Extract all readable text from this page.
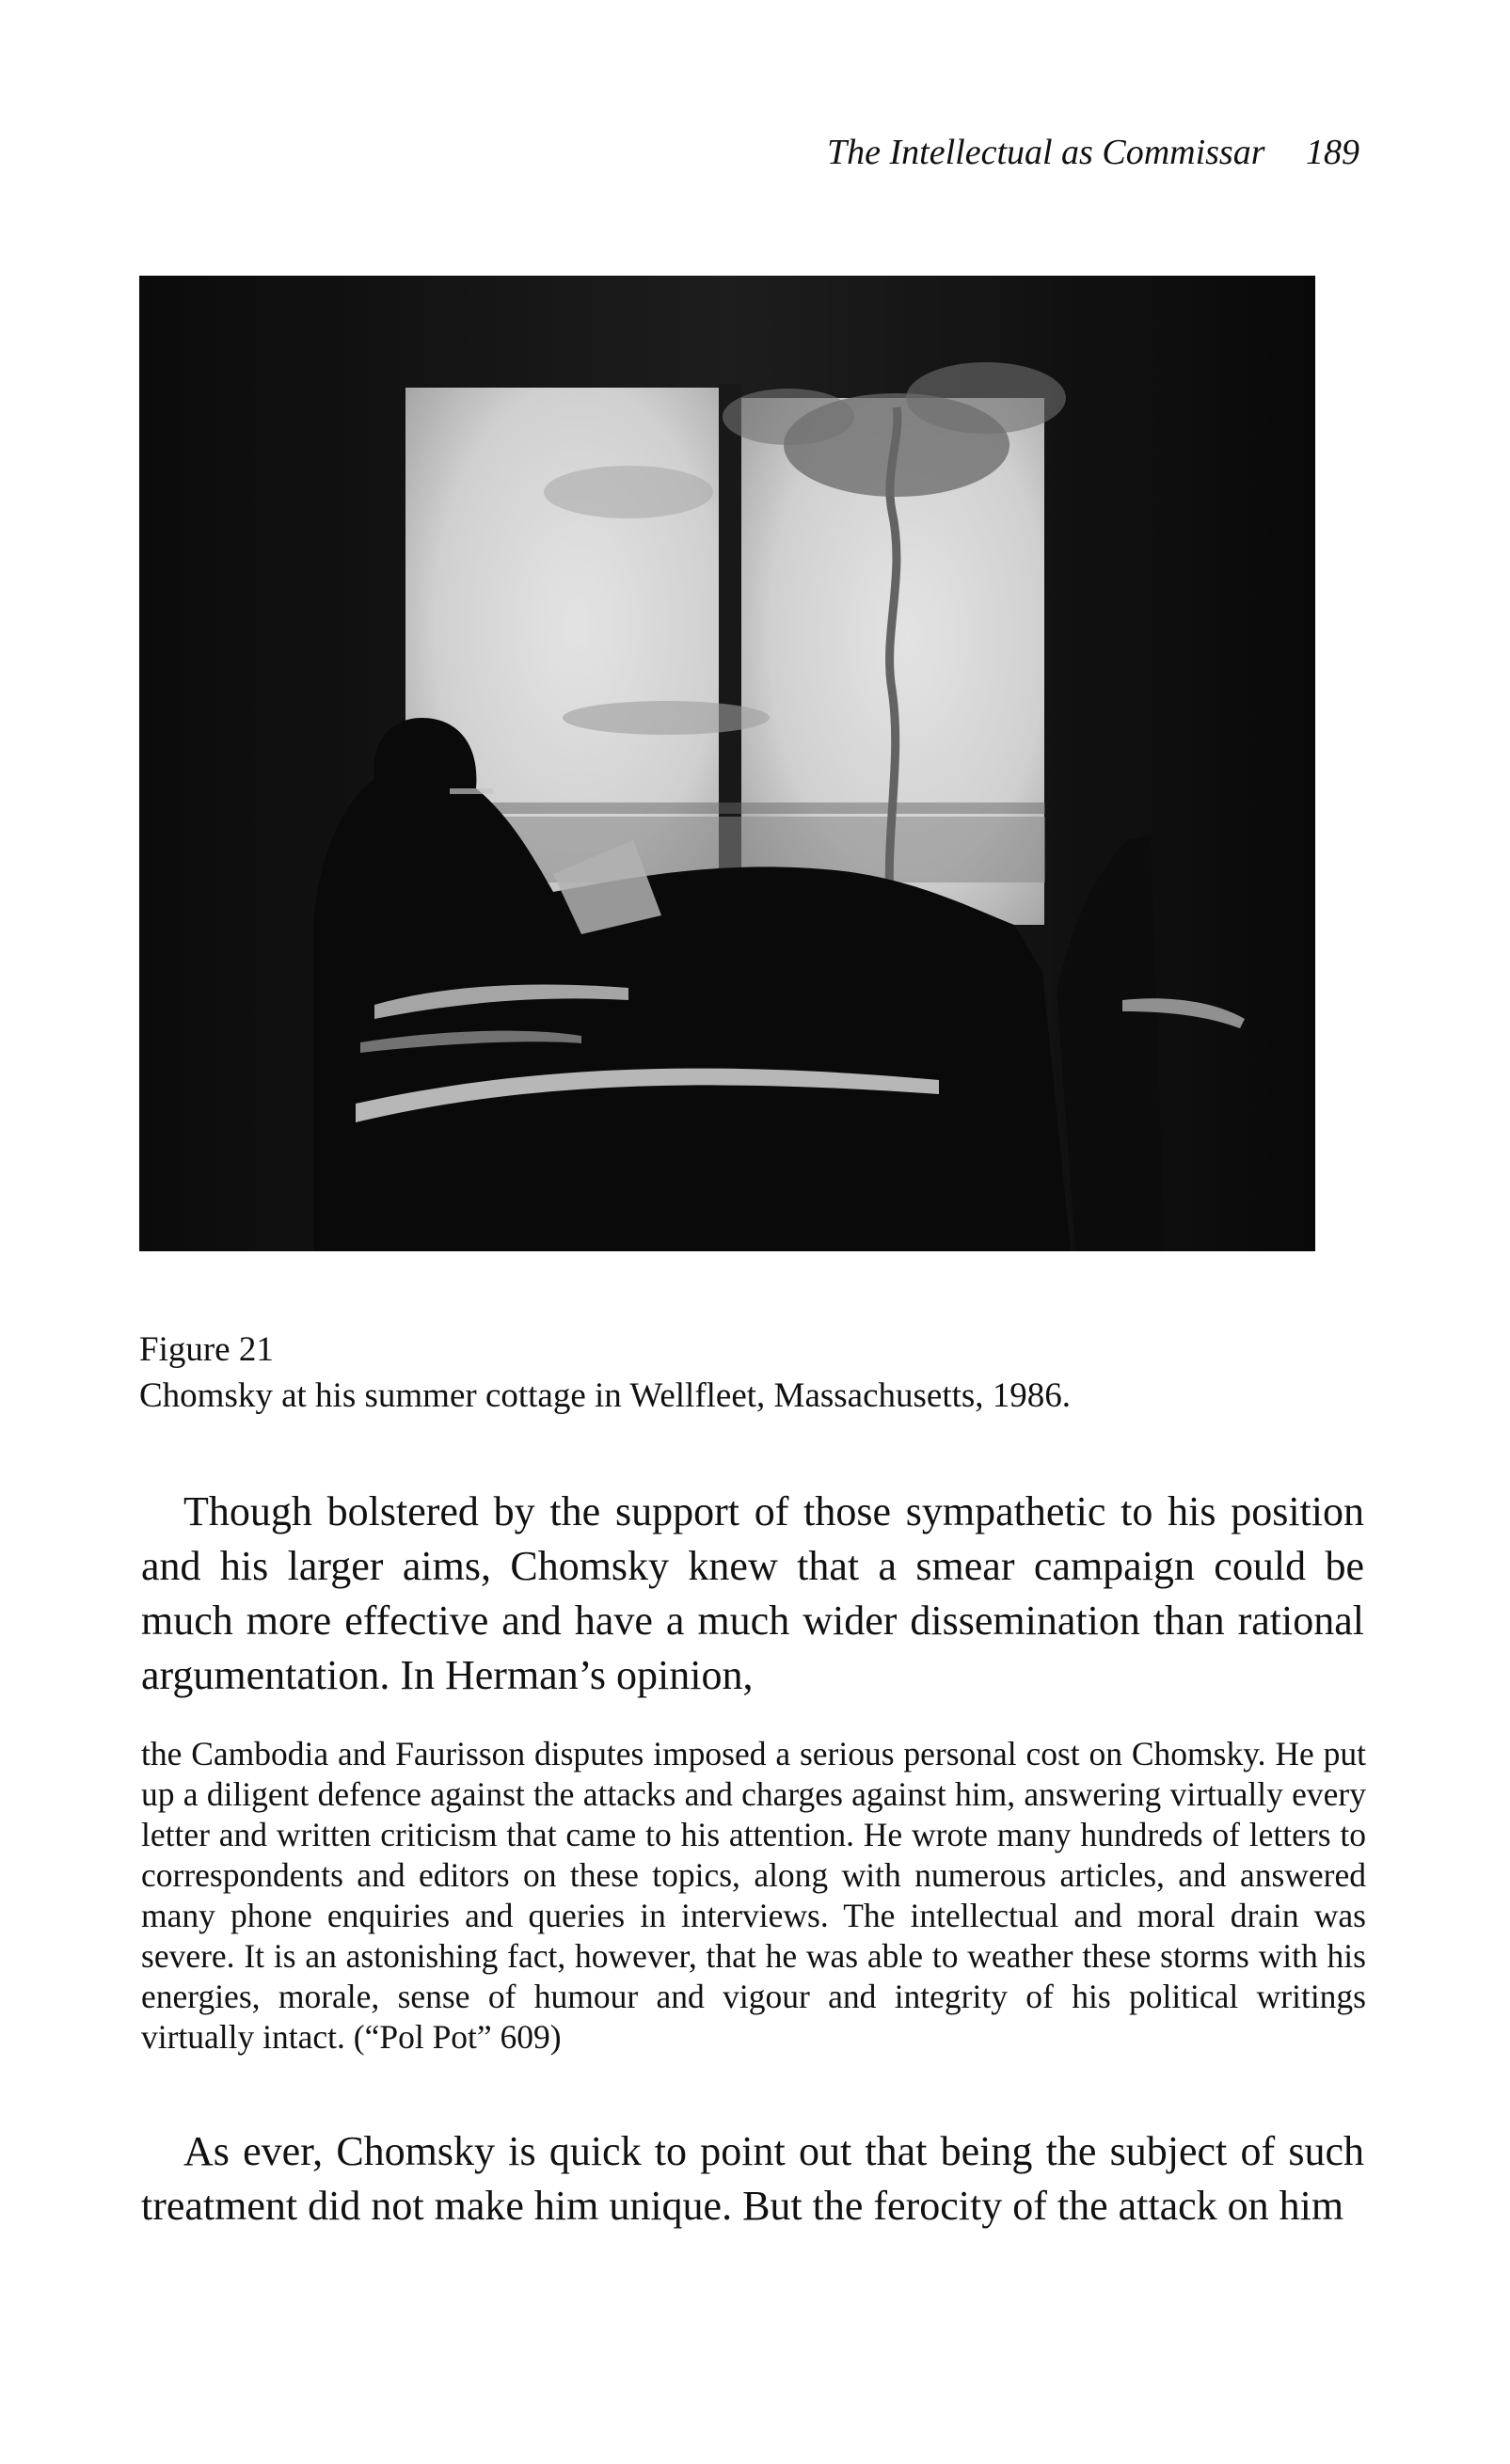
The Intellectual as Commissar 189
Figure 21
Chomsky at his summer cottage in Wellfleet, Massachusetts, 1986.

Though bolstered by the support of those sympathetic to his position and his larger aims, Chomsky knew that a smear campaign could be much more effective and have a much wider dissemination than rational argumentation. In Herman’s opinion,

the Cambodia and Faurisson disputes imposed a serious personal cost on Chomsky. He put up a diligent defence against the attacks and charges against him, answering virtually every letter and written criticism that came to his attention. He wrote many hundreds of letters to correspondents and editors on these topics, along with numerous articles, and answered many phone enquiries and queries in interviews. The intellectual and moral drain was severe. It is an astonishing fact, however, that he was able to weather these storms with his energies, morale, sense of humour and vigour and integrity of his political writings virtually intact. (“Pol Pot” 609)

As ever, Chomsky is quick to point out that being the subject of such treatment did not make him unique. But the ferocity of the attack on him
